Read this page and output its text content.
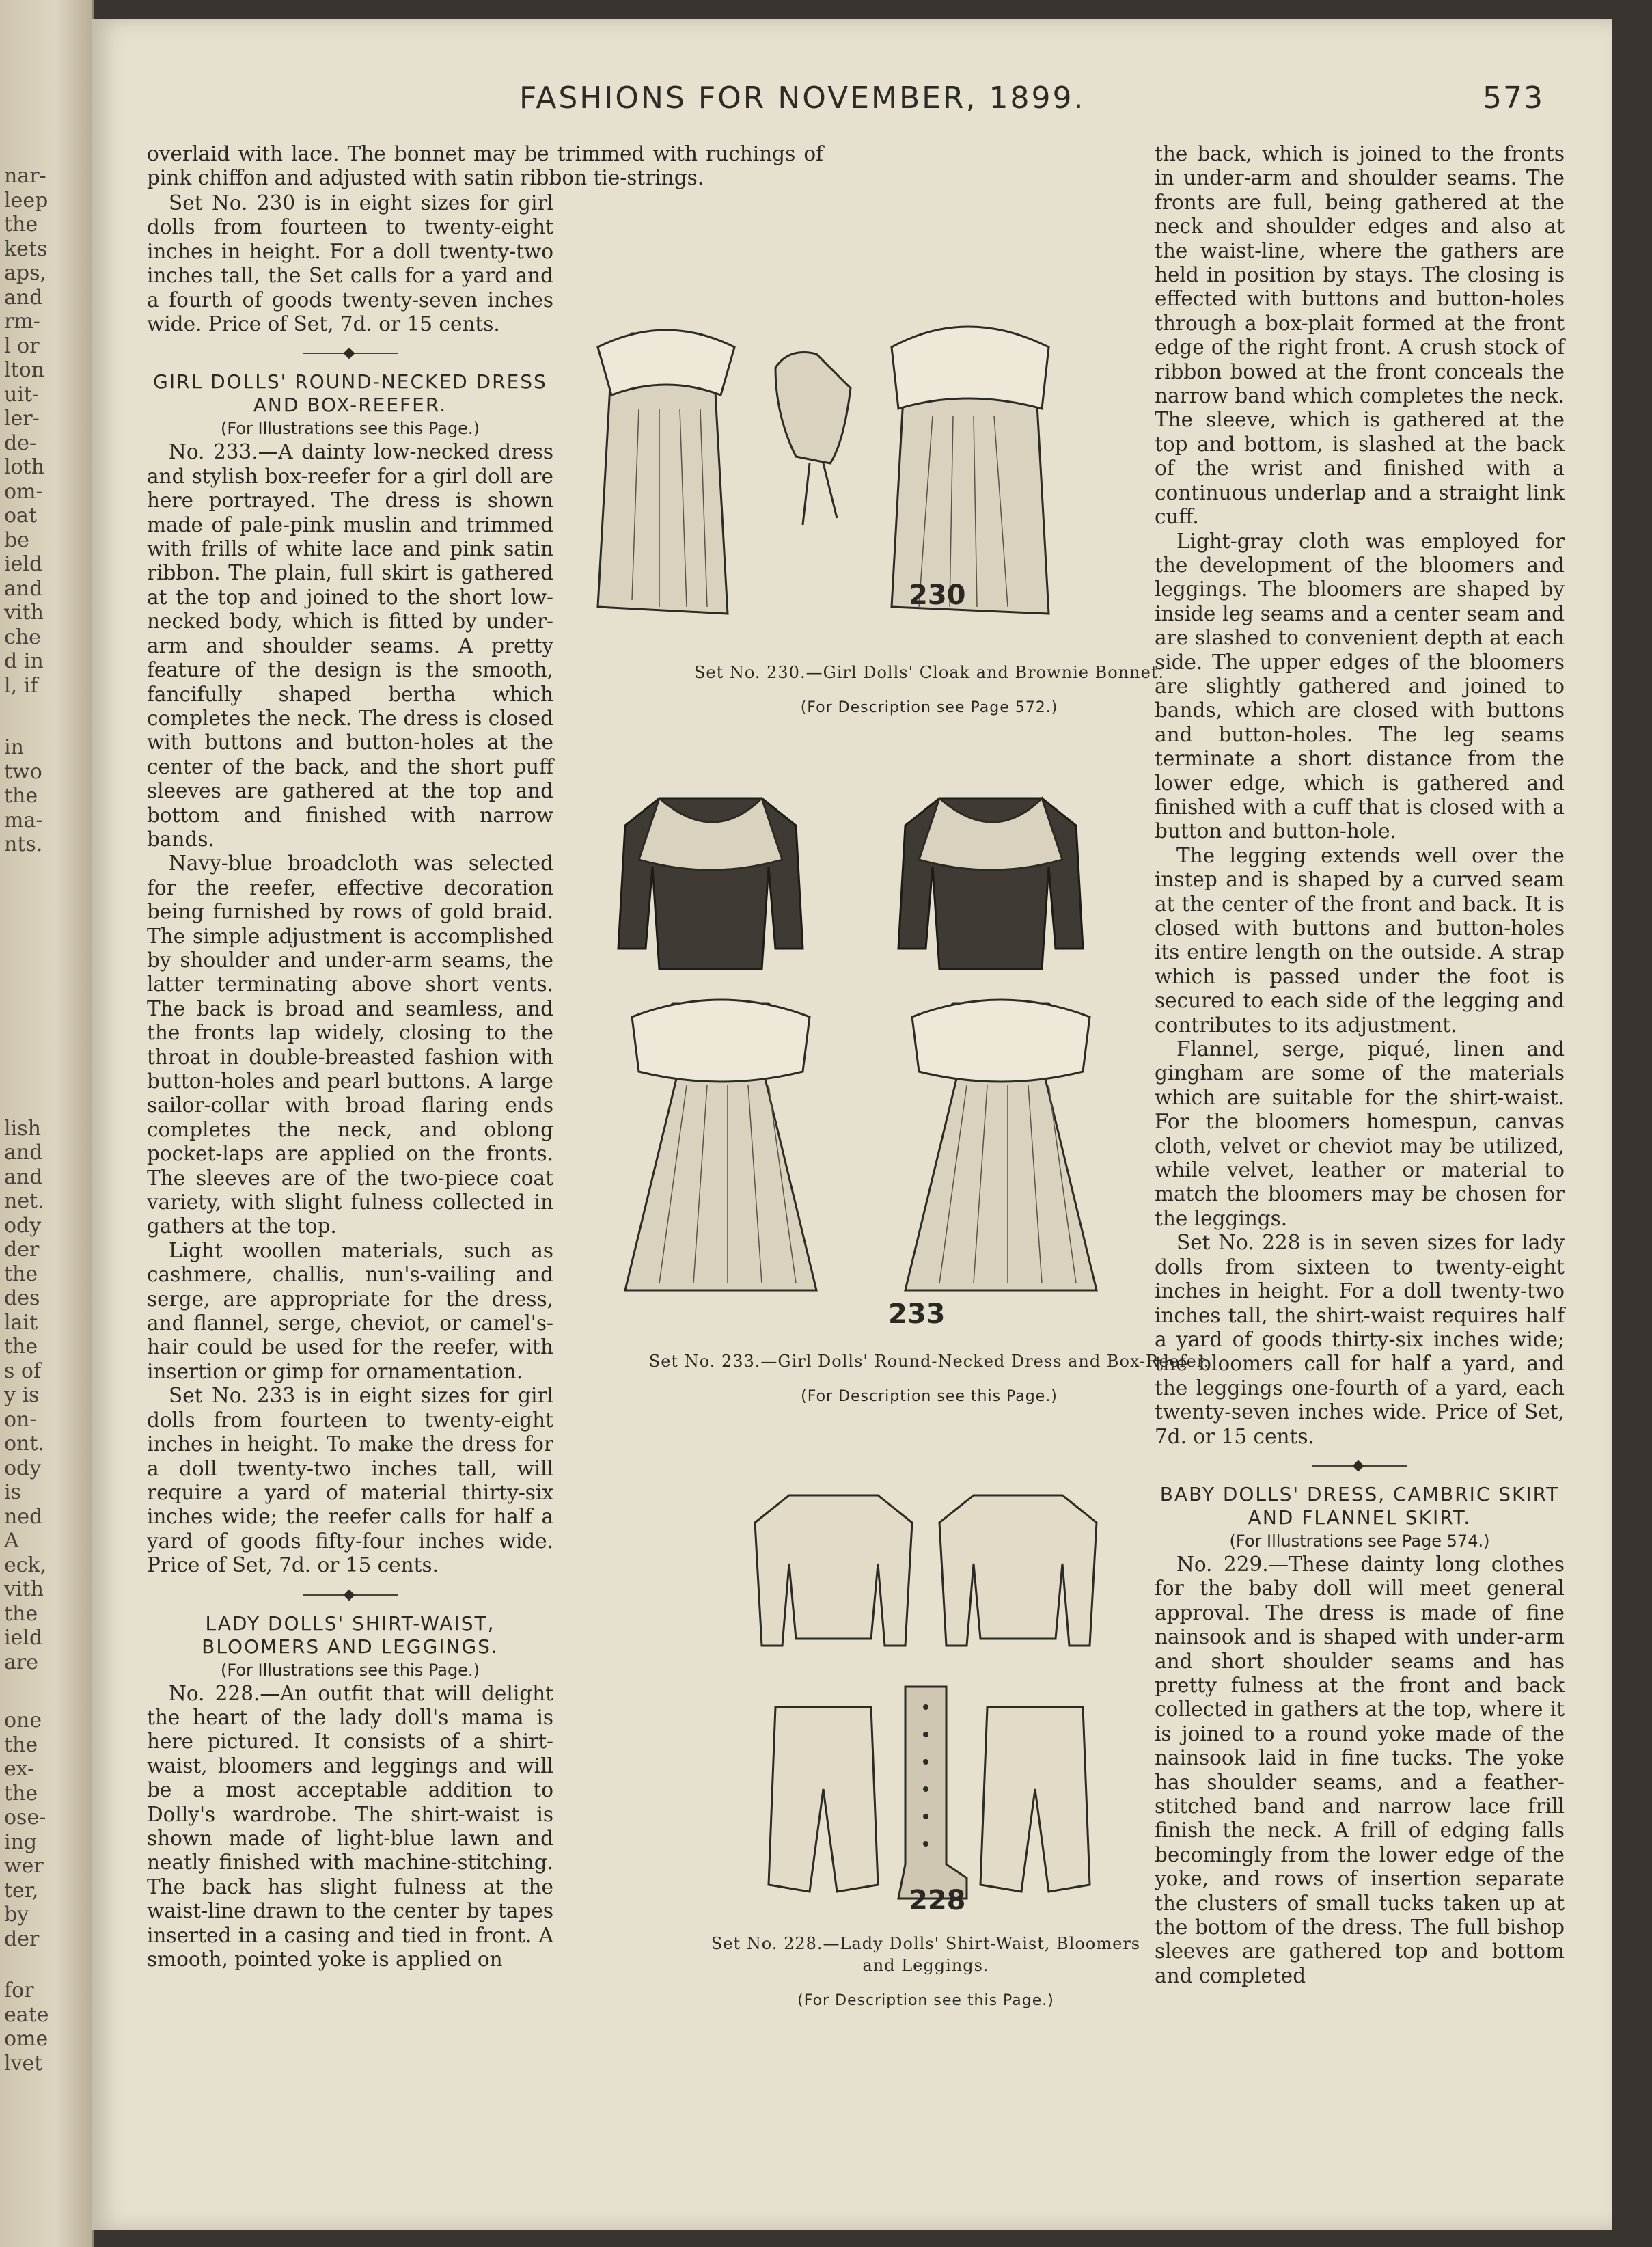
nar-
leep
the
kets
aps,
and
rm-
l or
lton
uit-
ler-
de-
loth
om-
oat
be
ield
and
vith
che
d in
l, if
in
two
the
ma-
nts.
lish
and
and
net.
ody
der
the
des
lait
the
s of
y is
on-
ont.
ody
is
ned
A
eck,
vith
the
ield
are
one
the
ex-
the
ose-
ing
wer
ter,
by
der
for
eate
ome
lvet
FASHIONS FOR NOVEMBER, 1899.	573

overlaid with lace. The bonnet may be trimmed with ruchings of pink chiffon and adjusted with satin ribbon tie-strings.

Set No. 230 is in eight sizes for girl dolls from fourteen to twenty-eight inches in height. For a doll twenty-two inches tall, the Set calls for a yard and a fourth of goods twenty-seven inches wide. Price of Set, 7d. or 15 cents.

GIRL DOLLS' ROUND-NECKED DRESS AND BOX-REEFER.
(For Illustrations see this Page.)

No. 233.—A dainty low-necked dress and stylish box-reefer for a girl doll are here portrayed. The dress is shown made of pale-pink muslin and trimmed with frills of white lace and pink satin ribbon. The plain, full skirt is gathered at the top and joined to the short low-necked body, which is fitted by under-arm and shoulder seams. A pretty feature of the design is the smooth, fancifully shaped bertha which completes the neck. The dress is closed with buttons and button-holes at the center of the back, and the short puff sleeves are gathered at the top and bottom and finished with narrow bands.

Navy-blue broadcloth was selected for the reefer, effective decoration being furnished by rows of gold braid. The simple adjustment is accomplished by shoulder and under-arm seams, the latter terminating above short vents. The back is broad and seamless, and the fronts lap widely, closing to the throat in double-breasted fashion with button-holes and pearl buttons. A large sailor-collar with broad flaring ends completes the neck, and oblong pocket-laps are applied on the fronts. The sleeves are of the two-piece coat variety, with slight fulness collected in gathers at the top.

Light woollen materials, such as cashmere, challis, nun's-vailing and serge, are appropriate for the dress, and flannel, serge, cheviot, or camel's-hair could be used for the reefer, with insertion or gimp for ornamentation.

Set No. 233 is in eight sizes for girl dolls from fourteen to twenty-eight inches in height. To make the dress for a doll twenty-two inches tall, will require a yard of material thirty-six inches wide; the reefer calls for half a yard of goods fifty-four inches wide. Price of Set, 7d. or 15 cents.

LADY DOLLS' SHIRT-WAIST, BLOOMERS AND LEGGINGS.
(For Illustrations see this Page.)

No. 228.—An outfit that will delight the heart of the lady doll's mama is here pictured. It consists of a shirt-waist, bloomers and leggings and will be a most acceptable addition to Dolly's wardrobe. The shirt-waist is shown made of light-blue lawn and neatly finished with machine-stitching. The back has slight fulness at the waist-line drawn to the center by tapes inserted in a casing and tied in front. A smooth, pointed yoke is applied on

the back, which is joined to the fronts in under-arm and shoulder seams. The fronts are full, being gathered at the neck and shoulder edges and also at the waist-line, where the gathers are held in position by stays. The closing is effected with buttons and button-holes through a box-plait formed at the front edge of the right front. A crush stock of ribbon bowed at the front conceals the narrow band which completes the neck. The sleeve, which is gathered at the top and bottom, is slashed at the back of the wrist and finished with a continuous underlap and a straight link cuff.

Light-gray cloth was employed for the development of the bloomers and leggings. The bloomers are shaped by inside leg seams and a center seam and are slashed to convenient depth at each side. The upper edges of the bloomers are slightly gathered and joined to bands, which are closed with buttons and button-holes. The leg seams terminate a short distance from the lower edge, which is gathered and finished with a cuff that is closed with a button and button-hole.

The legging extends well over the instep and is shaped by a curved seam at the center of the front and back. It is closed with buttons and button-holes its entire length on the outside. A strap which is passed under the foot is secured to each side of the legging and contributes to its adjustment.

Flannel, serge, piqué, linen and gingham are some of the materials which are suitable for the shirt-waist. For the bloomers homespun, canvas cloth, velvet or cheviot may be utilized, while velvet, leather or material to match the bloomers may be chosen for the leggings.

Set No. 228 is in seven sizes for lady dolls from sixteen to twenty-eight inches in height. For a doll twenty-two inches tall, the shirt-waist requires half a yard of goods thirty-six inches wide; the bloomers call for half a yard, and the leggings one-fourth of a yard, each twenty-seven inches wide. Price of Set, 7d. or 15 cents.

BABY DOLLS' DRESS, CAMBRIC SKIRT AND FLANNEL SKIRT.
(For Illustrations see Page 574.)

No. 229.—These dainty long clothes for the baby doll will meet general approval. The dress is made of fine nainsook and is shaped with under-arm and short shoulder seams and has pretty fulness at the front and back collected in gathers at the top, where it is joined to a round yoke made of the nainsook laid in fine tucks. The yoke has shoulder seams, and a feather-stitched band and narrow lace frill finish the neck. A frill of edging falls becomingly from the lower edge of the yoke, and rows of insertion separate the clusters of small tucks taken up at the bottom of the dress. The full bishop sleeves are gathered top and bottom and completed

230
Set No. 230.—Girl Dolls' Cloak and Brownie Bonnet.
(For Description see Page 572.)
233
Set No. 233.—Girl Dolls' Round-Necked Dress and Box-Reefer.
(For Description see this Page.)
228
Set No. 228.—Lady Dolls' Shirt-Waist, Bloomers and Leggings.
(For Description see this Page.)
